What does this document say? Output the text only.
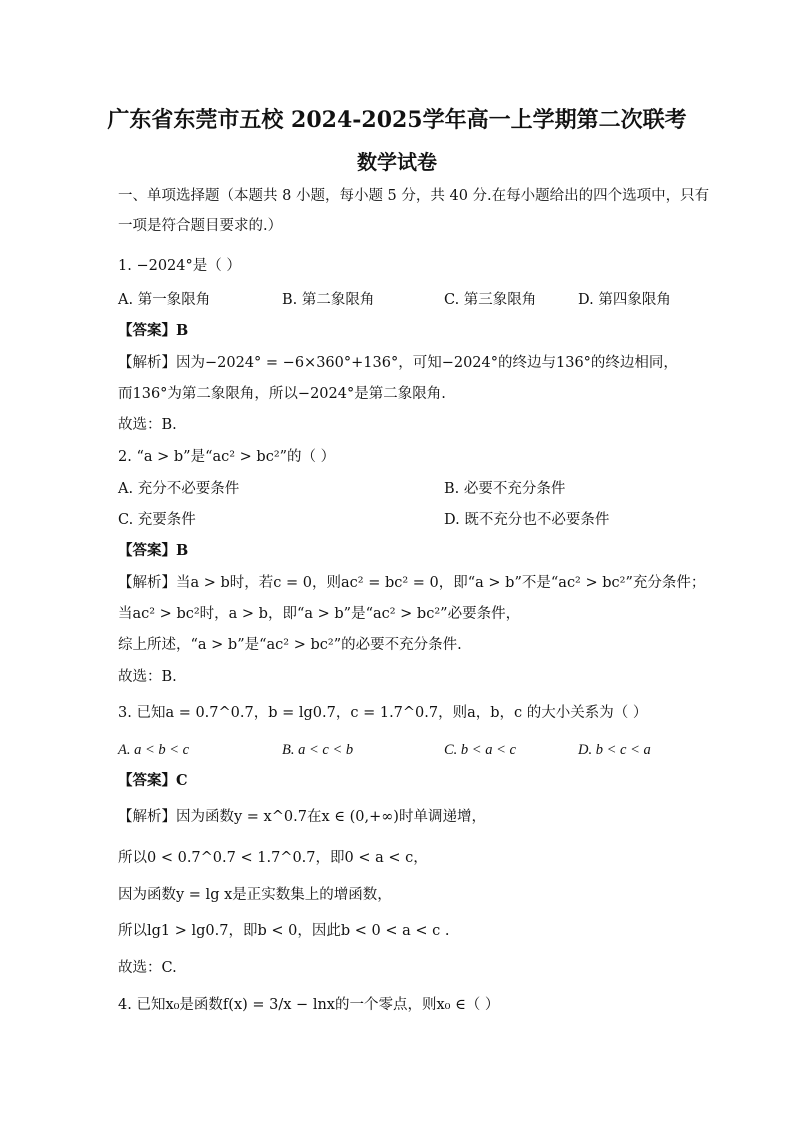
广东省东莞市五校 2024-2025学年高一上学期第二次联考
数学试卷
一、单项选择题（本题共 8 小题，每小题 5 分，共 40 分.在每小题给出的四个选项中，只有
一项是符合题目要求的.）
1. −2024°是（ ）
A. 第一象限角	B. 第二象限角	C. 第三象限角	D. 第四象限角
【答案】B
【解析】因为−2024° = −6×360°+136°，可知−2024°的终边与136°的终边相同，
而136°为第二象限角，所以−2024°是第二象限角.
故选：B.
2. “a > b”是“ac² > bc²”的（ ）
A. 充分不必要条件	B. 必要不充分条件
C. 充要条件	D. 既不充分也不必要条件
【答案】B
【解析】当a > b时，若c = 0，则ac² = bc² = 0，即“a > b”不是“ac² > bc²”充分条件；
当ac² > bc²时，a > b，即“a > b”是“ac² > bc²”必要条件，
综上所述，“a > b”是“ac² > bc²”的必要不充分条件.
故选：B.
3. 已知a = 0.7^0.7，b = lg0.7，c = 1.7^0.7，则a，b，c 的大小关系为（ ）
A. a < b < c	B. a < c < b	C. b < a < c	D. b < c < a
【答案】C
【解析】因为函数y = x^0.7在x ∈ (0,+∞)时单调递增，
所以0 < 0.7^0.7 < 1.7^0.7，即0 < a < c，
因为函数y = lg x是正实数集上的增函数，
所以lg1 > lg0.7，即b < 0，因此b < 0 < a < c .
故选：C.
4. 已知x₀是函数f(x) = 3/x − lnx的一个零点，则x₀ ∈（ ）
